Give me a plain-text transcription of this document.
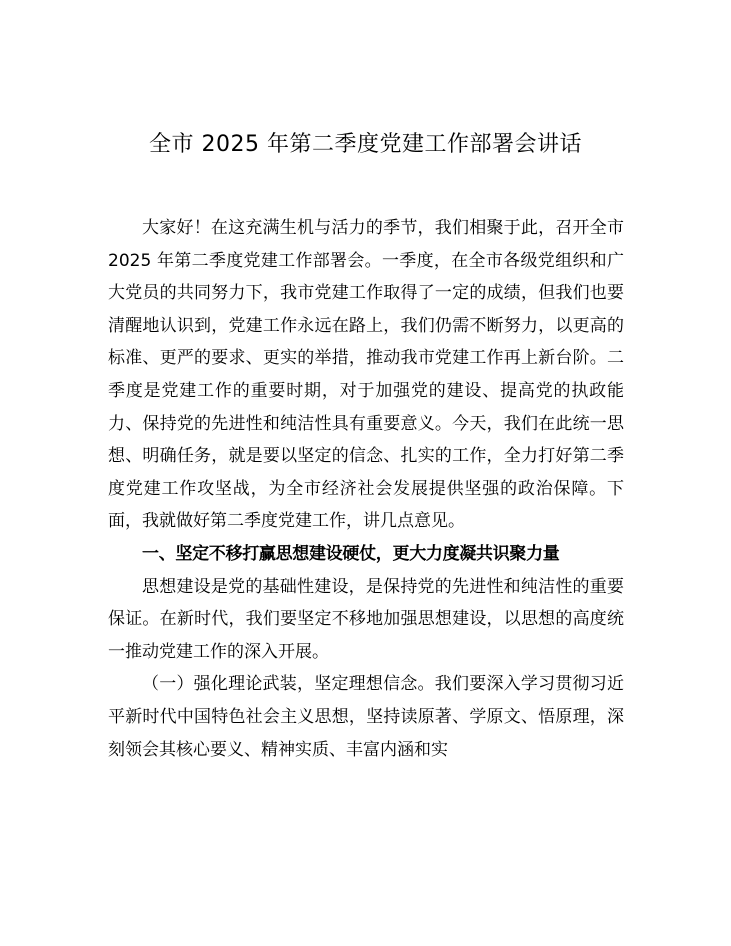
全市 2025 年第二季度党建工作部署会讲话

大家好！在这充满生机与活力的季节，我们相聚于此，召开全市 2025 年第二季度党建工作部署会。一季度，在全市各级党组织和广大党员的共同努力下，我市党建工作取得了一定的成绩，但我们也要清醒地认识到，党建工作永远在路上，我们仍需不断努力，以更高的标准、更严的要求、更实的举措，推动我市党建工作再上新台阶。二季度是党建工作的重要时期，对于加强党的建设、提高党的执政能力、保持党的先进性和纯洁性具有重要意义。今天，我们在此统一思想、明确任务，就是要以坚定的信念、扎实的工作，全力打好第二季度党建工作攻坚战，为全市经济社会发展提供坚强的政治保障。下面，我就做好第二季度党建工作，讲几点意见。

一、坚定不移打赢思想建设硬仗，更大力度凝共识聚力量

思想建设是党的基础性建设，是保持党的先进性和纯洁性的重要保证。在新时代，我们要坚定不移地加强思想建设，以思想的高度统一推动党建工作的深入开展。

（一）强化理论武装，坚定理想信念。我们要深入学习贯彻习近平新时代中国特色社会主义思想，坚持读原著、学原文、悟原理，深刻领会其核心要义、精神实质、丰富内涵和实
